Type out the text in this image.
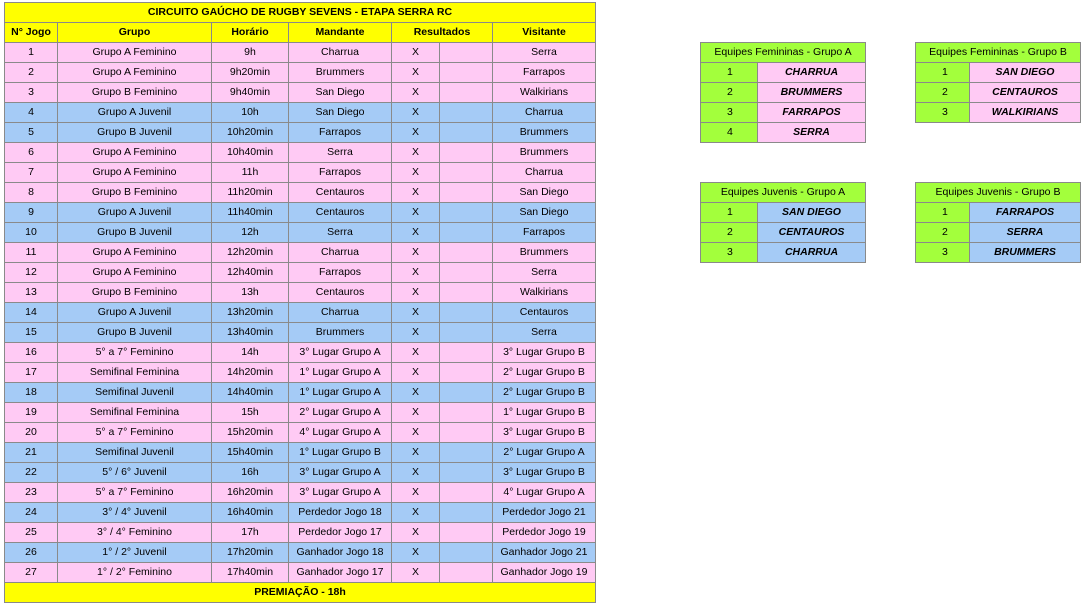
CIRCUITO GAÚCHO DE RUGBY SEVENS - ETAPA SERRA RC						
N° Jogo	Grupo	Horário	Mandante	Resultados		Visitante
1	Grupo A Feminino	9h	Charrua	X		Serra
2	Grupo A Feminino	9h20min	Brummers	X		Farrapos
3	Grupo B Feminino	9h40min	San Diego	X		Walkirians
4	Grupo A Juvenil	10h	San Diego	X		Charrua
5	Grupo B Juvenil	10h20min	Farrapos	X		Brummers
6	Grupo A Feminino	10h40min	Serra	X		Brummers
7	Grupo A Feminino	11h	Farrapos	X		Charrua
8	Grupo B Feminino	11h20min	Centauros	X		San Diego
9	Grupo A Juvenil	11h40min	Centauros	X		San Diego
10	Grupo B Juvenil	12h	Serra	X		Farrapos
11	Grupo A Feminino	12h20min	Charrua	X		Brummers
12	Grupo A Feminino	12h40min	Farrapos	X		Serra
13	Grupo B Feminino	13h	Centauros	X		Walkirians
14	Grupo A Juvenil	13h20min	Charrua	X		Centauros
15	Grupo B Juvenil	13h40min	Brummers	X		Serra
16	5° a 7° Feminino	14h	3° Lugar Grupo A	X		3° Lugar Grupo B
17	Semifinal Feminina	14h20min	1° Lugar Grupo A	X		2° Lugar Grupo B
18	Semifinal Juvenil	14h40min	1° Lugar Grupo A	X		2° Lugar Grupo B
19	Semifinal Feminina	15h	2° Lugar Grupo A	X		1° Lugar Grupo B
20	5° a 7° Feminino	15h20min	4° Lugar Grupo A	X		3° Lugar Grupo B
21	Semifinal Juvenil	15h40min	1° Lugar Grupo B	X		2° Lugar Grupo A
22	5° / 6° Juvenil	16h	3° Lugar Grupo A	X		3° Lugar Grupo B
23	5° a 7° Feminino	16h20min	3° Lugar Grupo A	X		4° Lugar Grupo A
24	3° / 4° Juvenil	16h40min	Perdedor Jogo 18	X		Perdedor Jogo 21
25	3° / 4° Feminino	17h	Perdedor Jogo 17	X		Perdedor Jogo 19
26	1° / 2° Juvenil	17h20min	Ganhador Jogo 18	X		Ganhador Jogo 21
27	1° / 2° Feminino	17h40min	Ganhador Jogo 17	X		Ganhador Jogo 19
PREMIAÇÃO - 18h						
Equipes Femininas - Grupo A	
1	CHARRUA
2	BRUMMERS
3	FARRAPOS
4	SERRA
Equipes Femininas - Grupo B	
1	SAN DIEGO
2	CENTAUROS
3	WALKIRIANS
Equipes Juvenis - Grupo A	
1	SAN DIEGO
2	CENTAUROS
3	CHARRUA
Equipes Juvenis - Grupo B	
1	FARRAPOS
2	SERRA
3	BRUMMERS
